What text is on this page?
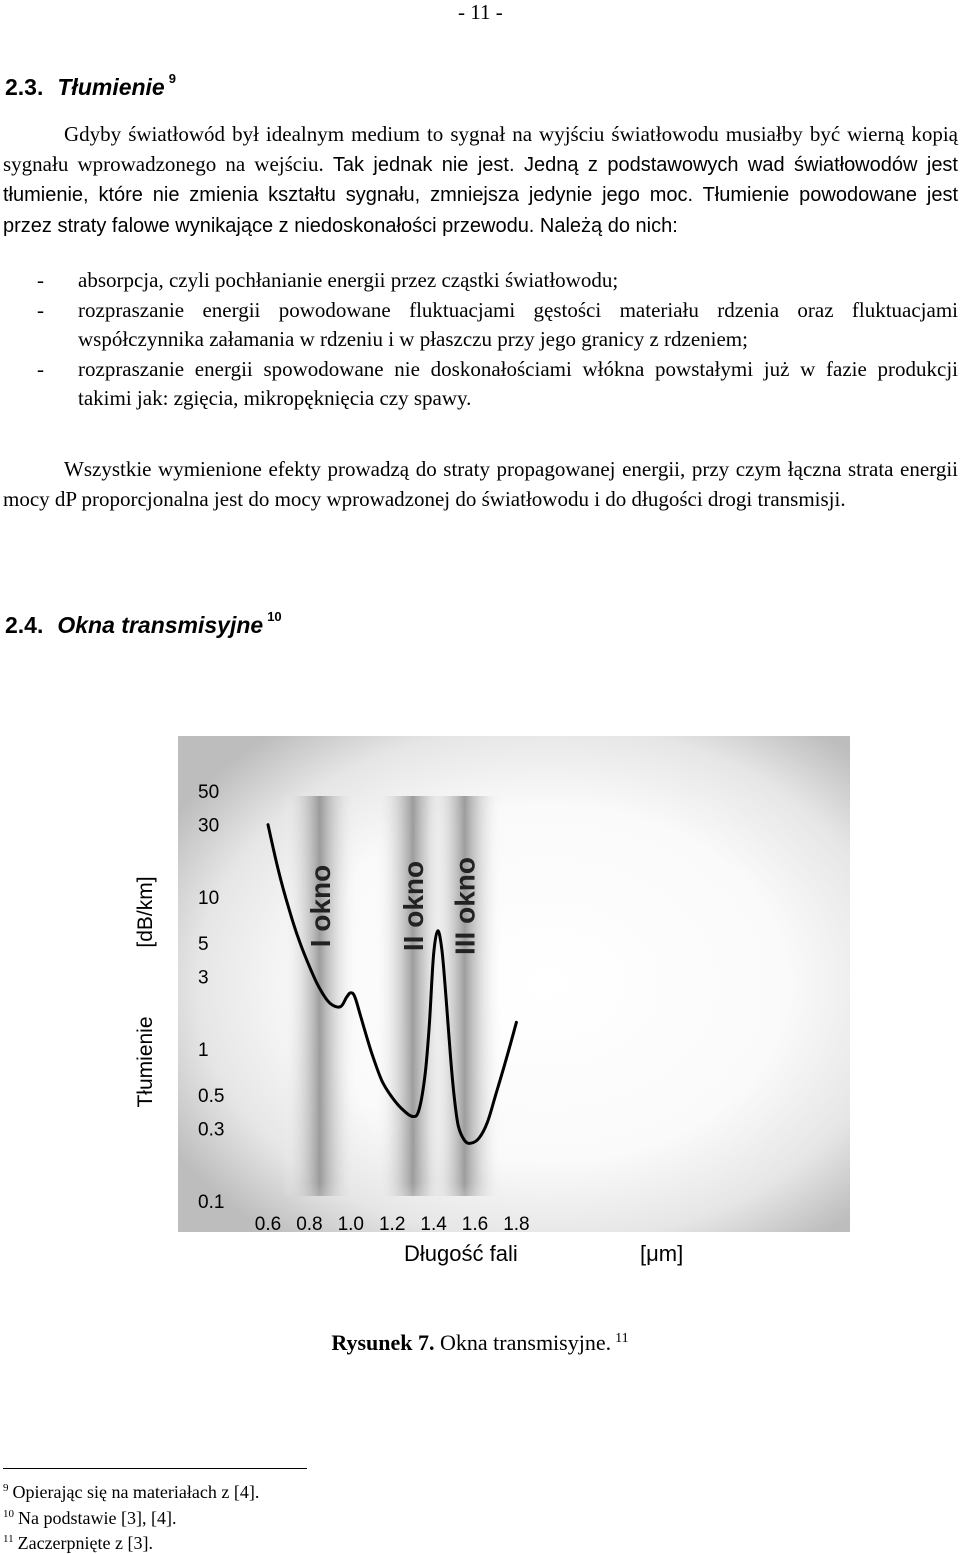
- 11 -
2.3. Tłumienie $^9$
Gdyby światłowód był idealnym medium to sygnał na wyjściu światłowodu musiałby być wierną kopią sygnału wprowadzonego na wejściu. Tak jednak nie jest. Jedną z podstawowych wad światłowodów jest tłumienie, które nie zmienia kształtu sygnału, zmniejsza jedynie jego moc. Tłumienie powodowane jest przez straty falowe wynikające z niedoskonałości przewodu. Należą do nich:
- absorpcja, czyli pochłanianie energii przez cząstki światłowodu;
- rozpraszanie energii powodowane fluktuacjami gęstości materiału rdzenia oraz fluktuacjami współczynnika załamania w rdzeniu i w płaszczu przy jego granicy z rdzeniem;
- rozpraszanie energii spowodowane nie doskonałościami włókna powstałymi już w fazie produkcji takimi jak: zgięcia, mikropęknięcia czy spawy.
Wszystkie wymienione efekty prowadzą do straty propagowanej energii, przy czym łączna strata energii mocy dP proporcjonalna jest do mocy wprowadzonej do światłowodu i do długości drogi transmisji.
2.4. Okna transmisyjne $^{10}$
[dB/km]
Tłumienie
50
30
10
5
3
1
0.5
0.3
0.1
0.6 0.8 1.0 1.2 1.4 1.6 1.8
Długość fali	[μm]
I okno II okno III okno
Rysunek 7. Okna transmisyjne. $^{11}$
$^9$ Opierając się na materiałach z [4].
$^{10}$ Na podstawie [3], [4].
$^{11}$ Zaczerpnięte z [3].
